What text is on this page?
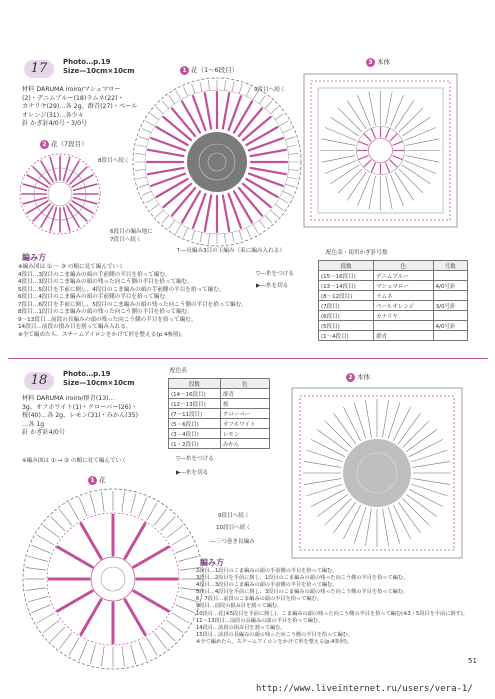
17	Photo…p.19
Size—10cm×10cm
材料 DARUMA iroiro/マシュマロー
(2)・デニムブルー(18)ラムネ(22)・
カナリヤ(29)…各 2g、群青(27)・ペール
オレンジ(31)…各少々
針 かぎ針4/0号・3/0号
1 花（1～6段目）
9段目へ続く
2 花（7段目）
8段目へ続く
6段目の編み地に
7段目へ続く
3 本体
↑―長編み3目の玉編み（束に編み入れる）
▽―糸をつける
▶―糸を切る
編み方
※編み図は ① ～ ③ の順に見て編んでいく
4段目…3段目のこま編みの頭の手前側の半目を拾って編む。
4段目…3段目のこま編みの頭の残った向こう側の半目を拾って編む。
5段目…5段目を手前に倒し、4段目のこま編みの頭の手前側の半目を拾って編む。
6段目…4段目のこま編みの頭の手前側の半目を拾って編む。
7段目…6段目を手前に倒し、5段目のこま編みの頭の残った向こう側の半目を拾って編む。
8段目…1段目のこま編みの頭の残った向こう側の半目を拾って編む。
9～13段目…前段の長編みの頭の残った向こう側の半目を拾って編む。
14段目…前段の損み目を割って編み入れる。
※全て編めたら、スチームアイロンをかけて形を整える(p.4参照)。
配色表・使用かぎ針号数
段数	色	号数
(15～16段目)	デニムブルー	
(13～14段目)	マシュマロー	4/0号針
(8～12段目)	ラムネ	
(7段目)	ペールオレンジ	3/0号針
(6段目)	カナリヤ	
(5段目)		4/0号針
(1～4段目)	群青	
18	Photo…p.19
Size—10cm×10cm
材料 DARUMA iroiro/群青(13)…
3g、オフホワイト(1)・クローバー(26)・
桜(40)…各 2g、レモン(31)・みかん(35)
…各 1g
針 かぎ針4/0号
配色表
段数	色
(14～16段目)	群青
(12～13段目)	桜
(7～11段目)	クローバー
(5・6段目)	オフホワイト
(3・4段目)	レモン
(1・2段目)	みかん
▽―糸をつける
▶―糸を切る
※編み図は ① → ② の順に見て編んでいく
2 本体
9段目へ続く
10段目へ続く
―三つ巻き長編み
1 花
編み方
2段目…1段目のこま編みの頭の手前側の半目を拾って編む。
3段目…2段目を手前に倒し、1段目のこま編みの頭の残った向こう側の半目を拾って編む。
4段目…3段目のこま編みの頭の手前側の半目を拾って編む。
5段目…4段目を手前に倒し、3段目のこま編みの頭の残った向こう側の半目を拾って編む。
6・7段目…前段のこま編みの頭の半目を拾って編む。
9段目…前段の損み目を割って編む。
10段目…花(※5段目を手前に倒し)、こま編みの頭の残った向こう側の半目を拾って編む(※3・5段目を手前に倒す)。
11～13段目…前段の長編みの頭の半目を拾って編む。
14段目…前段の損み目を割って編む。
15段目…前段の長編みの頭の残った向こう側の半目を拾って編む。
※全て編めたら、スチームアイロンをかけて形を整える(p.4参照)。
51
http://www.liveinternet.ru/users/vera-1/
